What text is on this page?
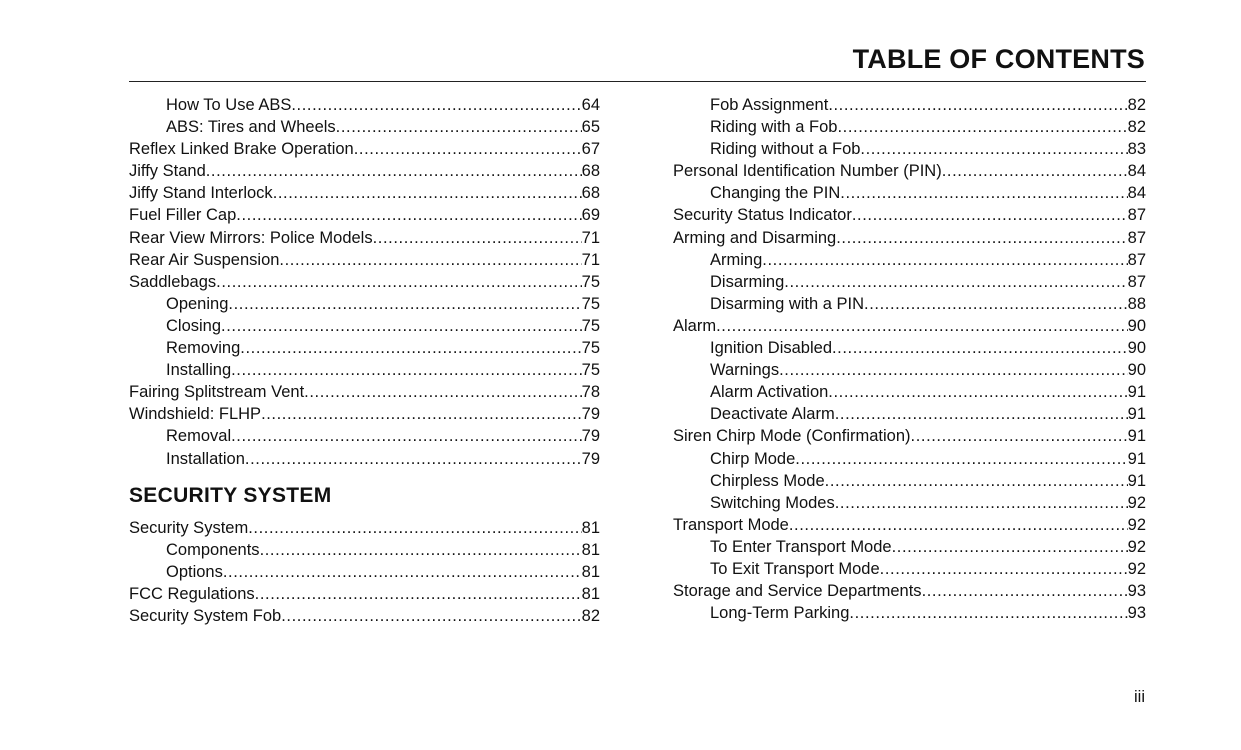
TABLE OF CONTENTS
How To Use ABS .....	64
ABS: Tires and Wheels .....	65
Reflex Linked Brake Operation .....	67
Jiffy Stand .....	68
Jiffy Stand Interlock .....	68
Fuel Filler Cap .....	69
Rear View Mirrors: Police Models .....	71
Rear Air Suspension .....	71
Saddlebags .....	75
Opening .....	75
Closing .....	75
Removing .....	75
Installing .....	75
Fairing Splitstream Vent .....	78
Windshield: FLHP .....	79
Removal .....	79
Installation .....	79
SECURITY SYSTEM
Security System .....	81
Components .....	81
Options .....	81
FCC Regulations .....	81
Security System Fob .....	82
Fob Assignment .....	82
Riding with a Fob .....	82
Riding without a Fob .....	83
Personal Identification Number (PIN) .....	84
Changing the PIN .....	84
Security Status Indicator .....	87
Arming and Disarming .....	87
Arming .....	87
Disarming .....	87
Disarming with a PIN .....	88
Alarm .....	90
Ignition Disabled .....	90
Warnings .....	90
Alarm Activation .....	91
Deactivate Alarm .....	91
Siren Chirp Mode (Confirmation) .....	91
Chirp Mode .....	91
Chirpless Mode .....	91
Switching Modes .....	92
Transport Mode .....	92
To Enter Transport Mode .....	92
To Exit Transport Mode .....	92
Storage and Service Departments .....	93
Long-Term Parking .....	93
iii
